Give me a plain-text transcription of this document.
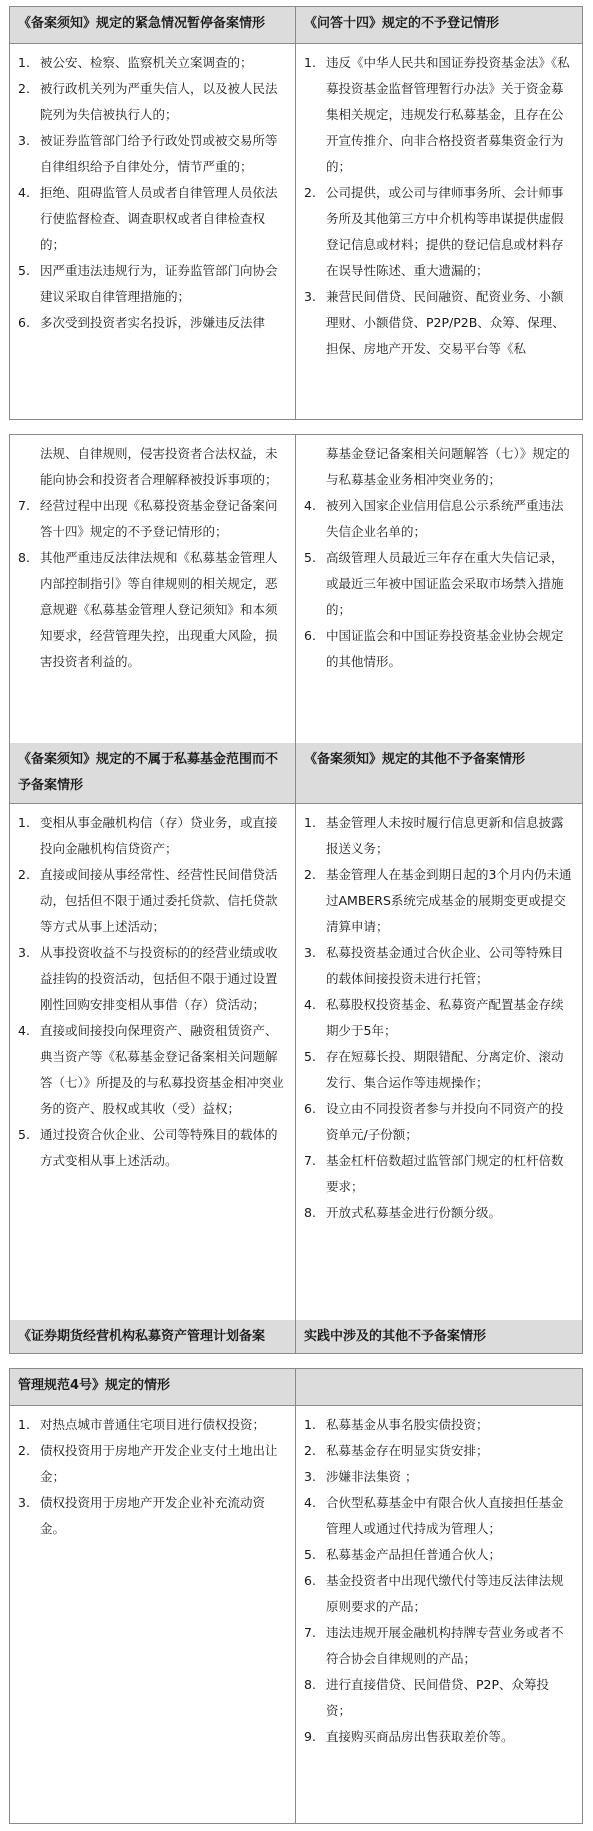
《备案须知》规定的紧急情况暂停备案情形	《问答十四》规定的不予登记情形
1. 被公安、检察、监察机关立案调查的；
2. 被行政机关列为严重失信人，以及被人民法院列为失信被执行人的；
3. 被证券监管部门给予行政处罚或被交易所等自律组织给予自律处分，情节严重的；
4. 拒绝、阻碍监管人员或者自律管理人员依法行使监督检查、调查职权或者自律检查权的；
5. 因严重违法违规行为，证券监管部门向协会建议采取自律管理措施的；
6. 多次受到投资者实名投诉，涉嫌违反法律
1. 违反《中华人民共和国证券投资基金法》《私募投资基金监督管理暂行办法》关于资金募集相关规定，违规发行私募基金，且存在公开宣传推介、向非合格投资者募集资金行为的；
2. 公司提供，或公司与律师事务所、会计师事务所及其他第三方中介机构等串谋提供虚假登记信息或材料；提供的登记信息或材料存在误导性陈述、重大遗漏的；
3. 兼营民间借贷、民间融资、配资业务、小额理财、小额借贷、P2P/P2B、众筹、保理、担保、房地产开发、交易平台等《私
法规、自律规则，侵害投资者合法权益，未能向协会和投资者合理解释被投诉事项的；
7. 经营过程中出现《私募投资基金登记备案问答十四》规定的不予登记情形的；
8. 其他严重违反法律法规和《私募基金管理人内部控制指引》等自律规则的相关规定，恶意规避《私募基金管理人登记须知》和本须知要求，经营管理失控，出现重大风险，损害投资者利益的。
募基金登记备案相关问题解答（七）》规定的与私募基金业务相冲突业务的；
4. 被列入国家企业信用信息公示系统严重违法失信企业名单的；
5. 高级管理人员最近三年存在重大失信记录，或最近三年被中国证监会采取市场禁入措施的；
6. 中国证监会和中国证券投资基金业协会规定的其他情形。
《备案须知》规定的不属于私募基金范围而不予备案情形
《备案须知》规定的其他不予备案情形
1. 变相从事金融机构信（存）贷业务，或直接投向金融机构信贷资产；
2. 直接或间接从事经常性、经营性民间借贷活动，包括但不限于通过委托贷款、信托贷款等方式从事上述活动；
3. 从事投资收益不与投资标的的经营业绩或收益挂钩的投资活动，包括但不限于通过设置刚性回购安排变相从事借（存）贷活动；
4. 直接或间接投向保理资产、融资租赁资产、典当资产等《私募基金登记备案相关问题解答（七）》所提及的与私募投资基金相冲突业务的资产、股权或其收（受）益权；
5. 通过投资合伙企业、公司等特殊目的载体的方式变相从事上述活动。
1. 基金管理人未按时履行信息更新和信息披露报送义务；
2. 基金管理人在基金到期日起的3个月内仍未通过AMBERS系统完成基金的展期变更或提交清算申请；
3. 私募投资基金通过合伙企业、公司等特殊目的载体间接投资未进行托管；
4. 私募股权投资基金、私募资产配置基金存续期少于5年；
5. 存在短募长投、期限错配、分离定价、滚动发行、集合运作等违规操作；
6. 设立由不同投资者参与并投向不同资产的投资单元/子份额；
7. 基金杠杆倍数超过监管部门规定的杠杆倍数要求；
8. 开放式私募基金进行份额分级。
《证券期货经营机构私募资产管理计划备案	实践中涉及的其他不予备案情形
管理规范4号》规定的情形
1. 对热点城市普通住宅项目进行债权投资；
2. 债权投资用于房地产开发企业支付土地出让金；
3. 债权投资用于房地产开发企业补充流动资金。
1. 私募基金从事名股实债投资；
2. 私募基金存在明显实货安排；
3. 涉嫌非法集资 ；
4. 合伙型私募基金中有限合伙人直接担任基金管理人或通过代持成为管理人；
5. 私募基金产品担任普通合伙人；
6. 基金投资者中出现代缴代付等违反法律法规原则要求的产品；
7. 违法违规开展金融机构持牌专营业务或者不符合协会自律规则的产品；
8. 进行直接借贷、民间借贷、P2P、众筹投资；
9. 直接购买商品房出售获取差价等。
